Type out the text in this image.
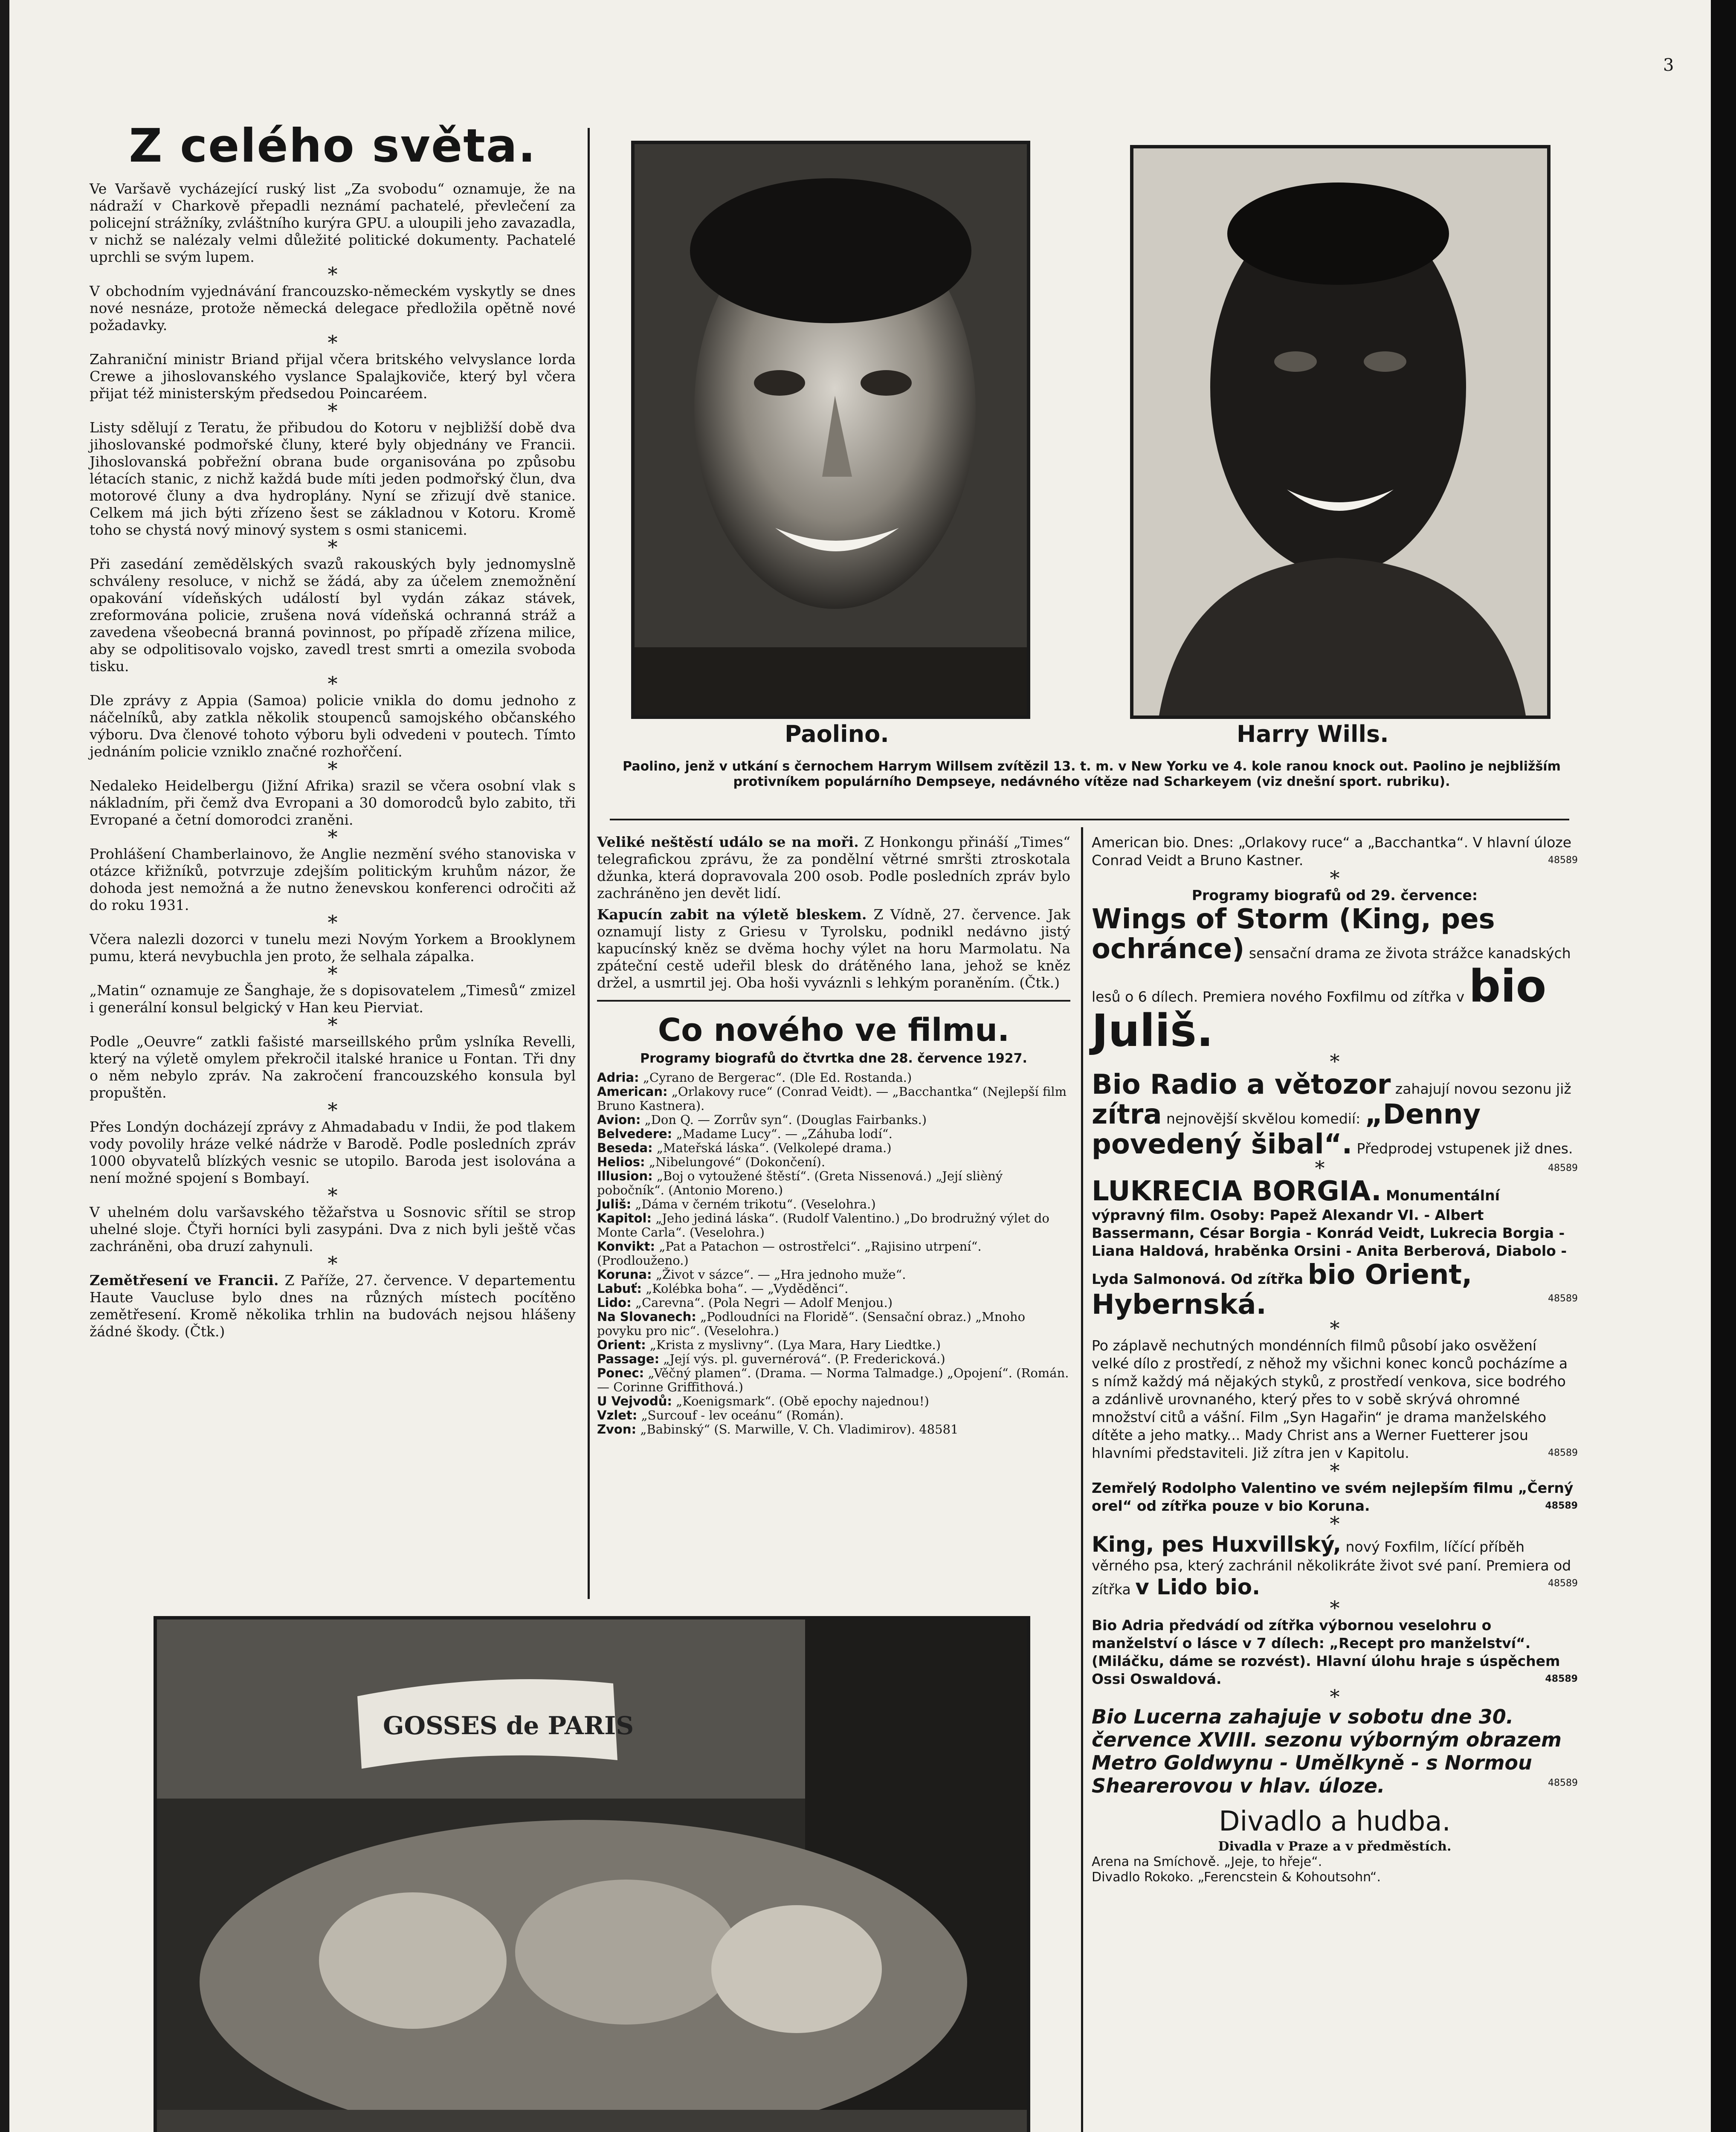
3
Z celého světa.

Ve Varšavě vycházející ruský list „Za svobodu“ oznamuje, že na nádraží v Charkově přepadli neznámí pachatelé, převlečení za policejní strážníky, zvláštního kurýra GPU. a uloupili jeho zavazadla, v nichž se nalézaly velmi důležité politické dokumenty. Pachatelé uprchli se svým lupem.

*

V obchodním vyjednávání francouzsko-německém vyskytly se dnes nové nesnáze, protože německá delegace předložila opětně nové požadavky.

*

Zahraniční ministr Briand přijal včera britského velvyslance lorda Crewe a jihoslovanského vyslance Spalajkoviče, který byl včera přijat též ministerským předsedou Poincaréem.

*

Listy sdělují z Teratu, že přibudou do Kotoru v nejbližší době dva jihoslovanské podmořské čluny, které byly objednány ve Francii. Jihoslovanská pobřežní obrana bude organisována po způsobu létacích stanic, z nichž každá bude míti jeden podmořský člun, dva motorové čluny a dva hydroplány. Nyní se zřizují dvě stanice. Celkem má jich býti zřízeno šest se základnou v Kotoru. Kromě toho se chystá nový minový system s osmi stanicemi.

*

Při zasedání zemědělských svazů rakouských byly jednomyslně schváleny resoluce, v nichž se žádá, aby za účelem znemožnění opakování vídeňských událostí byl vydán zákaz stávek, zreformována policie, zrušena nová vídeňská ochranná stráž a zavedena všeobecná branná povinnost, po případě zřízena milice, aby se odpolitisovalo vojsko, zavedl trest smrti a omezila svoboda tisku.

*

Dle zprávy z Appia (Samoa) policie vnikla do domu jednoho z náčelníků, aby zatkla několik stoupenců samojského občanského výboru. Dva členové tohoto výboru byli odvedeni v poutech. Tímto jednáním policie vzniklo značné rozhořčení.

*

Nedaleko Heidelbergu (Jižní Afrika) srazil se včera osobní vlak s nákladním, při čemž dva Evropani a 30 domorodců bylo zabito, tři Evropané a četní domorodci zraněni.

*

Prohlášení Chamberlainovo, že Anglie nezmění svého stanoviska v otázce křižníků, potvrzuje zdejším politickým kruhům názor, že dohoda jest nemožná a že nutno ženevskou konferenci odročiti až do roku 1931.

*

Včera nalezli dozorci v tunelu mezi Novým Yorkem a Brooklynem pumu, která nevybuchla jen proto, že selhala zápalka.

*

„Matin“ oznamuje ze Šanghaje, že s dopisovatelem „Timesů“ zmizel i generální konsul belgický v Han keu Pierviat.

*

Podle „Oeuvre“ zatkli fašisté marseillského prům yslníka Revelli, který na výletě omylem překročil italské hranice u Fontan. Tři dny o něm nebylo zpráv. Na zakročení francouzského konsula byl propuštěn.

*

Přes Londýn docházejí zprávy z Ahmadabadu v Indii, že pod tlakem vody povolily hráze velké nádrže v Barodě. Podle posledních zpráv 1000 obyvatelů blízkých vesnic se utopilo. Baroda jest isolována a není možné spojení s Bombayí.

*

V uhelném dolu varšavského těžařstva u Sosnovic sřítil se strop uhelné sloje. Čtyři horníci byli zasypáni. Dva z nich byli ještě včas zachráněni, oba druzí zahynuli.

*

Zemětřesení ve Francii. Z Paříže, 27. července. V departementu Haute Vaucluse bylo dnes na různých místech pocítěno zemětřesení. Kromě několika trhlin na budovách nejsou hlášeny žádné škody. (Čtk.)

Paolino.	Harry Wills.
Paolino, jenž v utkání s černochem Harrym Willsem zvítězil 13. t. m. v New Yorku ve 4. kole ranou knock out. Paolino je nejbližším protivníkem populárního Dempseye, nedávného vítěze nad Scharkeyem (viz dnešní sport. rubriku).

Veliké neštěstí událo se na moři. Z Honkongu přináší „Times“ telegrafickou zprávu, že za pondělní větrné smršti ztroskotala džunka, která dopravovala 200 osob. Podle posledních zpráv bylo zachráněno jen devět lidí.

Kapucín zabit na výletě bleskem. Z Vídně, 27. července. Jak oznamují listy z Griesu v Tyrolsku, podnikl nedávno jistý kapucínský kněz se dvěma hochy výlet na horu Marmolatu. Na zpáteční cestě udeřil blesk do drátěného lana, jehož se kněz držel, a usmrtil jej. Oba hoši vyváznli s lehkým poraněním. (Čtk.)

Co nového ve filmu.
Programy biografů do čtvrtka dne 28. července 1927.

Adria: „Cyrano de Bergerac“. (Dle Ed. Rostanda.)

American: „Orlakovy ruce“ (Conrad Veidt). — „Bacchantka“ (Nejlepší film Bruno Kastnera).

Avion: „Don Q. — Zorrův syn“. (Douglas Fairbanks.)

Belvedere: „Madame Lucy“. — „Záhuba lodí“.

Beseda: „Mateřská láska“. (Velkolepé drama.)

Helios: „Nibelungové“ (Dokončení).

Illusion: „Boj o vytoužené štěstí“. (Greta Nissenová.) „Její slièný pobočník“. (Antonio Moreno.)

Juliš: „Dáma v černém trikotu“. (Veselohra.)

Kapitol: „Jeho jediná láska“. (Rudolf Valentino.) „Do brodružný výlet do Monte Carla“. (Veselohra.)

Konvikt: „Pat a Patachon — ostrostřelci“. „Rajisino utrpení“. (Prodlouženo.)

Koruna: „Život v sázce“. — „Hra jednoho muže“.

Labuť: „Kolébka boha“. — „Vyděděnci“.

Lido: „Carevna“. (Pola Negri — Adolf Menjou.)

Na Slovanech: „Podloudníci na Floridě“. (Sensační obraz.) „Mnoho povyku pro nic“. (Veselohra.)

Orient: „Krista z myslivny“. (Lya Mara, Hary Liedtke.)

Passage: „Její výs. pl. guvernérová“. (P. Fredericková.)

Ponec: „Věčný plamen“. (Drama. — Norma Talmadge.) „Opojení“. (Román. — Corinne Griffithová.)

U Vejvodů: „Koenigsmark“. (Obě epochy najednou!)

Vzlet: „Surcouf - lev oceánu“ (Román).

Zvon: „Babinský“ (S. Marwille, V. Ch. Vladimirov). 48581

American bio. Dnes: „Orlakovy ruce“ a „Bacchantka“. V hlavní úloze Conrad Veidt a Bruno Kastner.	48589

*
Programy biografů od 29. července:

Wings of Storm (King, pes ochránce) sensační drama ze života strážce kanadských lesů o 6 dílech. Premiera nového Foxfilmu od zítřka v bio Juliš.

*

Bio Radio a větozor zahajují novou sezonu již zítra nejnovější skvělou komedií: „Denny povedený šibal“. Předprodej vstupenek již dnes.
48589

*

LUKRECIA BORGIA. Monumentální výpravný film. Osoby: Papež Alexandr VI. - Albert Bassermann, César Borgia - Konrád Veidt, Lukrecia Borgia - Liana Haldová, hraběnka Orsini - Anita Berberová, Diabolo - Lyda Salmonová. Od zítřka bio Orient, Hybernská.	48589

*

Po záplavě nechutných mondénních filmů působí jako osvěžení velké dílo z prostředí, z něhož my všichni konec konců pocházíme a s nímž každý má nějakých styků, z prostředí venkova, sice bodrého a zdánlivě urovnaného, který přes to v sobě skrývá ohromné množství citů a vášní. Film „Syn Hagařin“ je drama manželského dítěte a jeho matky... Mady Christ ans a Werner Fuetterer jsou hlavními představiteli. Již zítra jen v Kapitolu.	48589

*

Zemřelý Rodolpho Valentino ve svém nejlepším filmu „Černý orel“ od zítřka pouze v bio Koruna.	48589

*

King, pes Huxvillský, nový Foxfilm, líčící příběh věrného psa, který zachránil několikráte život své paní. Premiera od zítřka v Lido bio.	48589

*

Bio Adria předvádí od zítřka výbornou veselohru o manželství o lásce v 7 dílech: „Recept pro manželství“. (Miláčku, dáme se rozvést). Hlavní úlohu hraje s úspěchem Ossi Oswaldová.	48589

*

Bio Lucerna zahajuje v sobotu dne 30. července XVIII. sezonu výborným obrazem Metro Goldwynu - Umělkyně - s Normou Shearerovou v hlav. úloze.	48589

Divadlo a hudba.
Divadla v Praze a v předměstích.

Arena na Smíchově. „Jeje, to hřeje“.

Divadlo Rokoko. „Ferencstein & Kohoutsohn“.

GOSSES de PARIS
